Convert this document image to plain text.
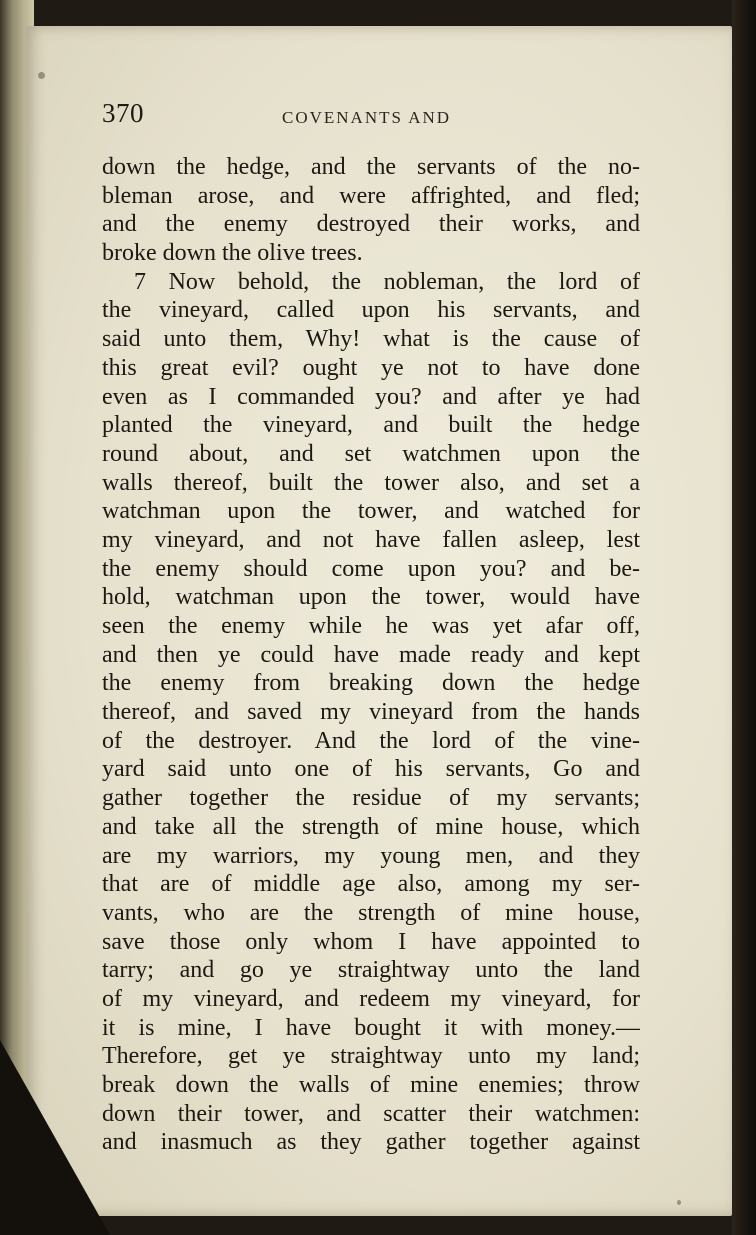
370	COVENANTS AND
down the hedge, and the servants of the no-
bleman arose, and were affrighted, and fled;
and the enemy destroyed their works, and
broke down the olive trees.
7 Now behold, the nobleman, the lord of
the vineyard, called upon his servants, and
said unto them, Why! what is the cause of
this great evil? ought ye not to have done
even as I commanded you? and after ye had
planted the vineyard, and built the hedge
round about, and set watchmen upon the
walls thereof, built the tower also, and set a
watchman upon the tower, and watched for
my vineyard, and not have fallen asleep, lest
the enemy should come upon you? and be-
hold, watchman upon the tower, would have
seen the enemy while he was yet afar off,
and then ye could have made ready and kept
the enemy from breaking down the hedge
thereof, and saved my vineyard from the hands
of the destroyer. And the lord of the vine-
yard said unto one of his servants, Go and
gather together the residue of my servants;
and take all the strength of mine house, which
are my warriors, my young men, and they
that are of middle age also, among my ser-
vants, who are the strength of mine house,
save those only whom I have appointed to
tarry; and go ye straightway unto the land
of my vineyard, and redeem my vineyard, for
it is mine, I have bought it with money.—
Therefore, get ye straightway unto my land;
break down the walls of mine enemies; throw
down their tower, and scatter their watchmen:
and inasmuch as they gather together against
